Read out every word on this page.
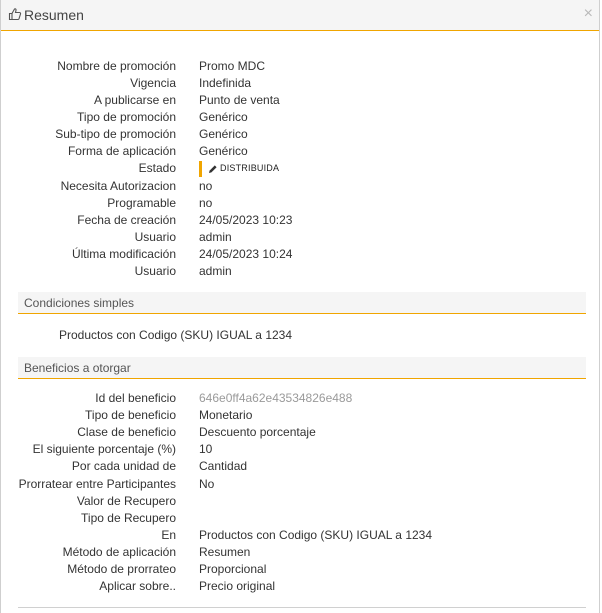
Resumen	×
Nombre de promoción Promo MDC
Vigencia Indefinida
A publicarse en Punto de venta
Tipo de promoción Genérico
Sub-tipo de promoción Genérico
Forma de aplicación Genérico
Estado	DISTRIBUIDA
Necesita Autorizacion no
Programable no
Fecha de creación 24/05/2023 10:23
Usuario admin
Última modificación 24/05/2023 10:24
Usuario admin
Condiciones simples
Productos con Codigo (SKU) IGUAL a 1234
Beneficios a otorgar
Id del beneficio 646e0ff4a62e43534826e488
Tipo de beneficio Monetario
Clase de beneficio Descuento porcentaje
El siguiente porcentaje (%) 10
Por cada unidad de Cantidad
Prorratear entre Participantes No
Valor de Recupero
Tipo de Recupero
En Productos con Codigo (SKU) IGUAL a 1234
Método de aplicación Resumen
Método de prorrateo Proporcional
Aplicar sobre.. Precio original
